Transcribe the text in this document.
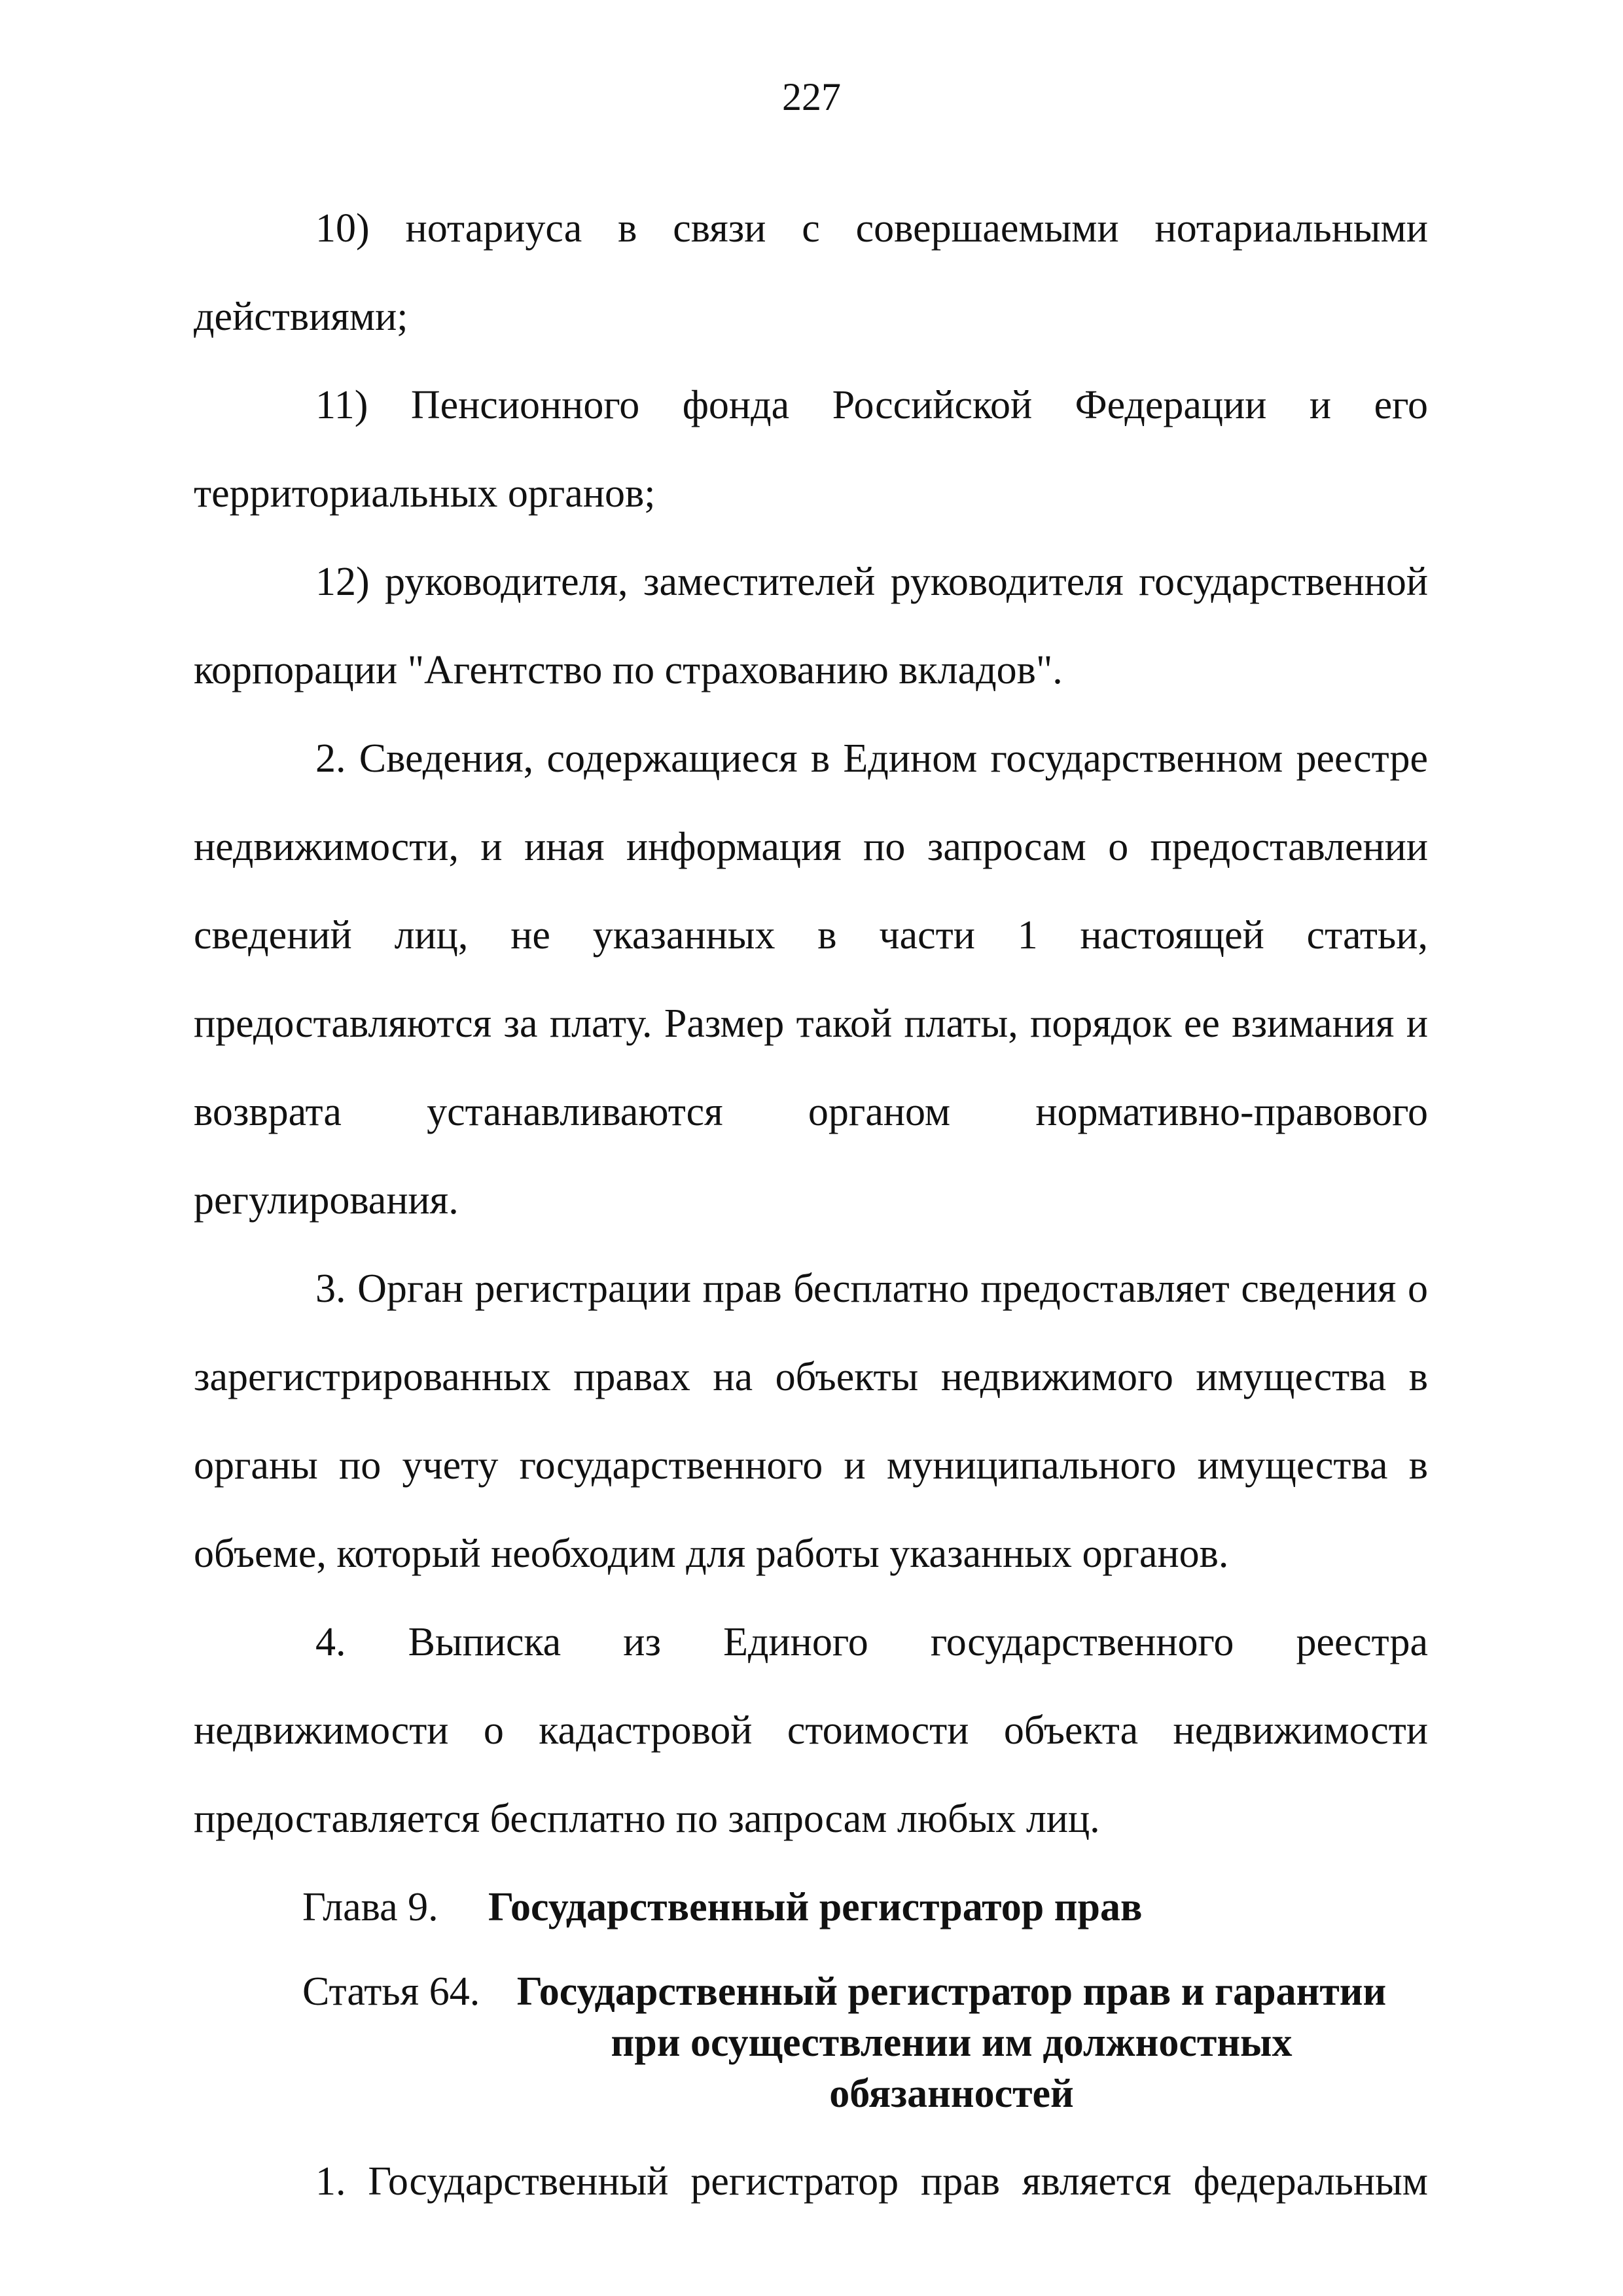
227

10) нотариуса в связи с совершаемыми нотариальными действиями;

11) Пенсионного фонда Российской Федерации и его территориальных органов;

12) руководителя, заместителей руководителя государственной корпорации "Агентство по страхованию вкладов".

2. Сведения, содержащиеся в Едином государственном реестре недвижимости, и иная информация по запросам о предоставлении сведений лиц, не указанных в части 1 настоящей статьи, предоставляются за плату. Размер такой платы, порядок ее взимания и возврата устанавливаются органом нормативно-правового регулирования.

3. Орган регистрации прав бесплатно предоставляет сведения о зарегистрированных правах на объекты недвижимого имущества в органы по учету государственного и муниципального имущества в объеме, который необходим для работы указанных органов.

4. Выписка из Единого государственного реестра недвижимости о кадастровой стоимости объекта недвижимости предоставляется бесплатно по запросам любых лиц.

Глава 9. Государственный регистратор прав
Статья 64. Государственный регистратор прав и гарантии при осуществлении им должностных обязанностей

1. Государственный регистратор прав является федеральным
